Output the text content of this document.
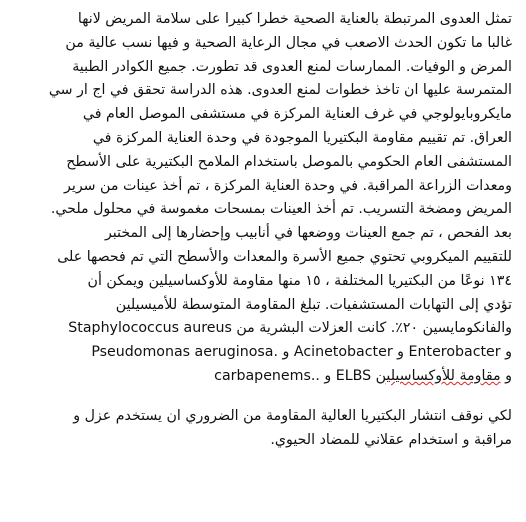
تمثل العدوى المرتبطة بالعناية الصحية خطرا كبيرا على سلامة المريض لانها
غالبا ما تكون الحدث الاصعب في مجال الرعاية الصحية و فيها نسب عالية من
المرض و الوفيات. الممارسات لمنع العدوى قد تطورت. جميع الكوادر الطبية
المتمرسة عليها ان تاخذ خطوات لمنع العدوى. هذه الدراسة تحقق في اج ار سي
مايكروبايولوجي في غرف العناية المركزة في مستشفى الموصل العام في
العراق. تم تقييم مقاومة البكتيريا الموجودة في وحدة العناية المركزة في
المستشفى العام الحكومي بالموصل باستخدام الملامح البكتيرية على الأسطح
ومعدات الزراعة المراقبة. في وحدة العناية المركزة ، تم أخذ عينات من سرير
المريض ومضخة التسريب. تم أخذ العينات بمسحات مغموسة في محلول ملحي.
بعد الفحص ، تم جمع العينات ووضعها في أنابيب وإحضارها إلى المختبر
للتقييم الميكروبي تحتوي جميع الأسرة والمعدات والأسطح التي تم فحصها على
١٣٤ نوعًا من البكتيريا المختلفة ، ١٥ منها مقاومة للأوكساسيلين ويمكن أن
تؤدي إلى التهابات المستشفيات. تبلغ المقاومة المتوسطة للأميسيلين
والفانكومايسين ٢٠٪. كانت العزلات البشرية من Staphylococcus aureus
و Enterobacter و Acinetobacter و Pseudomonas aeruginosa.
و مقاومة للأوكساسيلين ELBS و carbapenems..
لكي نوقف انتشار البكتيريا العالية المقاومة من الضروري ان يستخدم عزل و
مراقبة و استخدام عقلاني للمضاد الحيوي.
